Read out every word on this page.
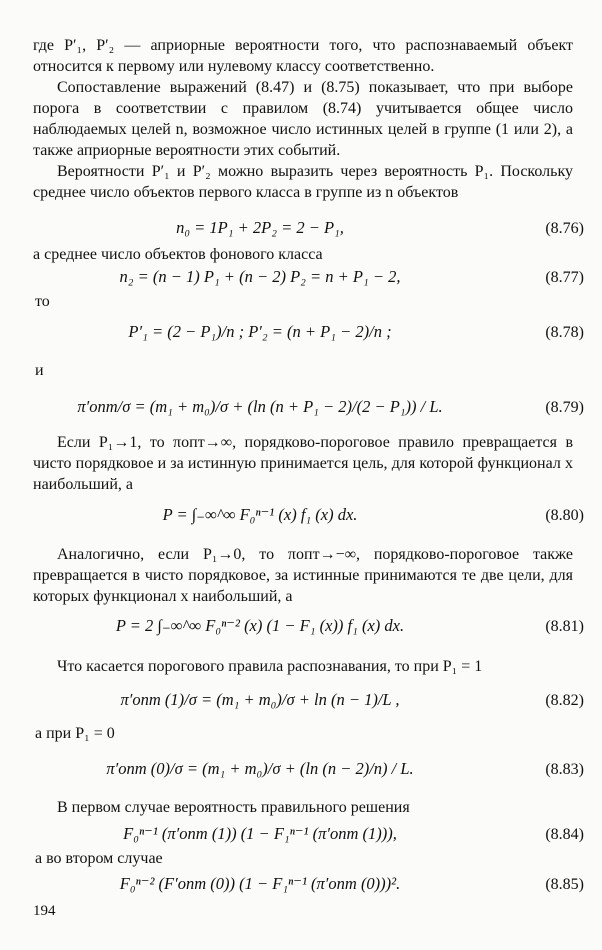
где P′₁, P′₂ — априорные вероятности того, что распознаваемый объект относится к первому или нулевому классу соответственно.

Сопоставление выражений (8.47) и (8.75) показывает, что при выборе порога в соответствии с правилом (8.74) учитывается общее число наблюдаемых целей n, возможное число истинных целей в группе (1 или 2), а также априорные вероятности этих событий.

Вероятности P′₁ и P′₂ можно выразить через вероятность P₁. Поскольку среднее число объектов первого класса в группе из n объектов

n₀ = 1P₁ + 2P₂ = 2 − P₁,	(8.76)

а среднее число объектов фонового класса

n₂ = (n − 1) P₁ + (n − 2) P₂ = n + P₁ − 2,	(8.77)
то
P′₁ = (2 − P₁)/n ; P′₂ = (n + P₁ − 2)/n ;	(8.78)
и
π′опт/σ = (m₁ + m₀)/σ + (ln (n + P₁ − 2)/(2 − P₁)) / L.	(8.79)

Если P₁→1, то πопт→∞, порядково-пороговое правило превращается в чисто порядковое и за истинную принимается цель, для которой функционал x наибольший, а

P = ∫₋∞^∞ F₀ⁿ⁻¹ (x) f₁ (x) dx.	(8.80)

Аналогично, если P₁→0, то πопт→−∞, порядково-пороговое также превращается в чисто порядковое, за истинные принимаются те две цели, для которых функционал x наибольший, а

P = 2 ∫₋∞^∞ F₀ⁿ⁻² (x) (1 − F₁ (x)) f₁ (x) dx.	(8.81)

Что касается порогового правила распознавания, то при P₁ = 1

π′опт (1)/σ = (m₁ + m₀)/σ + ln (n − 1)/L ,	(8.82)
а при P₁ = 0
π′опт (0)/σ = (m₁ + m₀)/σ + (ln (n − 2)/n) / L.	(8.83)

В первом случае вероятность правильного решения

F₀ⁿ⁻¹ (π′опт (1)) (1 − F₁ⁿ⁻¹ (π′опт (1))),	(8.84)
а во втором случае
F₀ⁿ⁻² (F′опт (0)) (1 − F₁ⁿ⁻¹ (π′опт (0)))².	(8.85)
194
